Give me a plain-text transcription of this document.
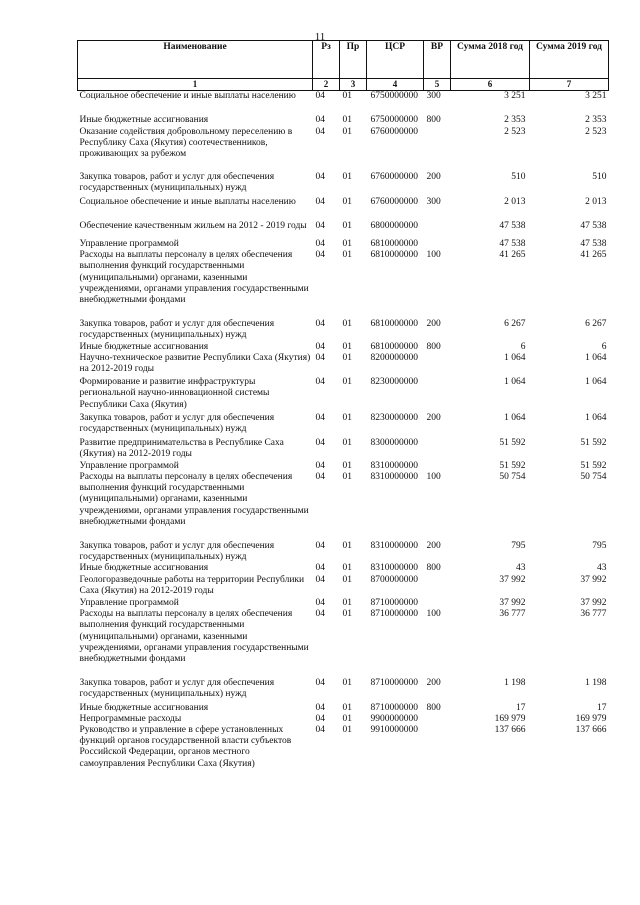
11
Наименование	Рз	Пр	ЦСР	ВР	Сумма 2018 год	Сумма 2019 год
1	2	3	4	5	6	7
Социальное обеспечение и иные выплаты населению	04	01	6750000000	300	3 251	3 251
Иные бюджетные ассигнования	04	01	6750000000	800	2 353	2 353
Оказание содействия добровольному переселению в Республику Саха (Якутия) соотечественников, проживающих за рубежом	04	01	6760000000		2 523	2 523
Закупка товаров, работ и услуг для обеспечения государственных (муниципальных) нужд	04	01	6760000000	200	510	510
Социальное обеспечение и иные выплаты населению	04	01	6760000000	300	2 013	2 013
Обеспечение качественным жильем на 2012 - 2019 годы	04	01	6800000000		47 538	47 538
Управление программой	04	01	6810000000		47 538	47 538
Расходы на выплаты персоналу в целях обеспечения выполнения функций государственными (муниципальными) органами, казенными учреждениями, органами управления государственными внебюджетными фондами	04	01	6810000000	100	41 265	41 265
Закупка товаров, работ и услуг для обеспечения государственных (муниципальных) нужд	04	01	6810000000	200	6 267	6 267
Иные бюджетные ассигнования	04	01	6810000000	800	6	6
Научно-техническое развитие Республики Саха (Якутия) на 2012-2019 годы	04	01	8200000000		1 064	1 064
Формирование и развитие инфраструктуры региональной научно-инновационной системы Республики Саха (Якутия)	04	01	8230000000		1 064	1 064
Закупка товаров, работ и услуг для обеспечения государственных (муниципальных) нужд	04	01	8230000000	200	1 064	1 064
Развитие предпринимательства в Республике Саха (Якутия) на 2012-2019 годы	04	01	8300000000		51 592	51 592
Управление программой	04	01	8310000000		51 592	51 592
Расходы на выплаты персоналу в целях обеспечения выполнения функций государственными (муниципальными) органами, казенными учреждениями, органами управления государственными внебюджетными фондами	04	01	8310000000	100	50 754	50 754
Закупка товаров, работ и услуг для обеспечения государственных (муниципальных) нужд	04	01	8310000000	200	795	795
Иные бюджетные ассигнования	04	01	8310000000	800	43	43
Геологоразведочные работы на территории Республики Саха (Якутия) на 2012-2019 годы	04	01	8700000000		37 992	37 992
Управление программой	04	01	8710000000		37 992	37 992
Расходы на выплаты персоналу в целях обеспечения выполнения функций государственными (муниципальными) органами, казенными учреждениями, органами управления государственными внебюджетными фондами	04	01	8710000000	100	36 777	36 777
Закупка товаров, работ и услуг для обеспечения государственных (муниципальных) нужд	04	01	8710000000	200	1 198	1 198
Иные бюджетные ассигнования	04	01	8710000000	800	17	17
Непрограммные расходы	04	01	9900000000		169 979	169 979
Руководство и управление в сфере установленных функций органов государственной власти субъектов Российской Федерации, органов местного самоуправления Республики Саха (Якутия)	04	01	9910000000		137 666	137 666
